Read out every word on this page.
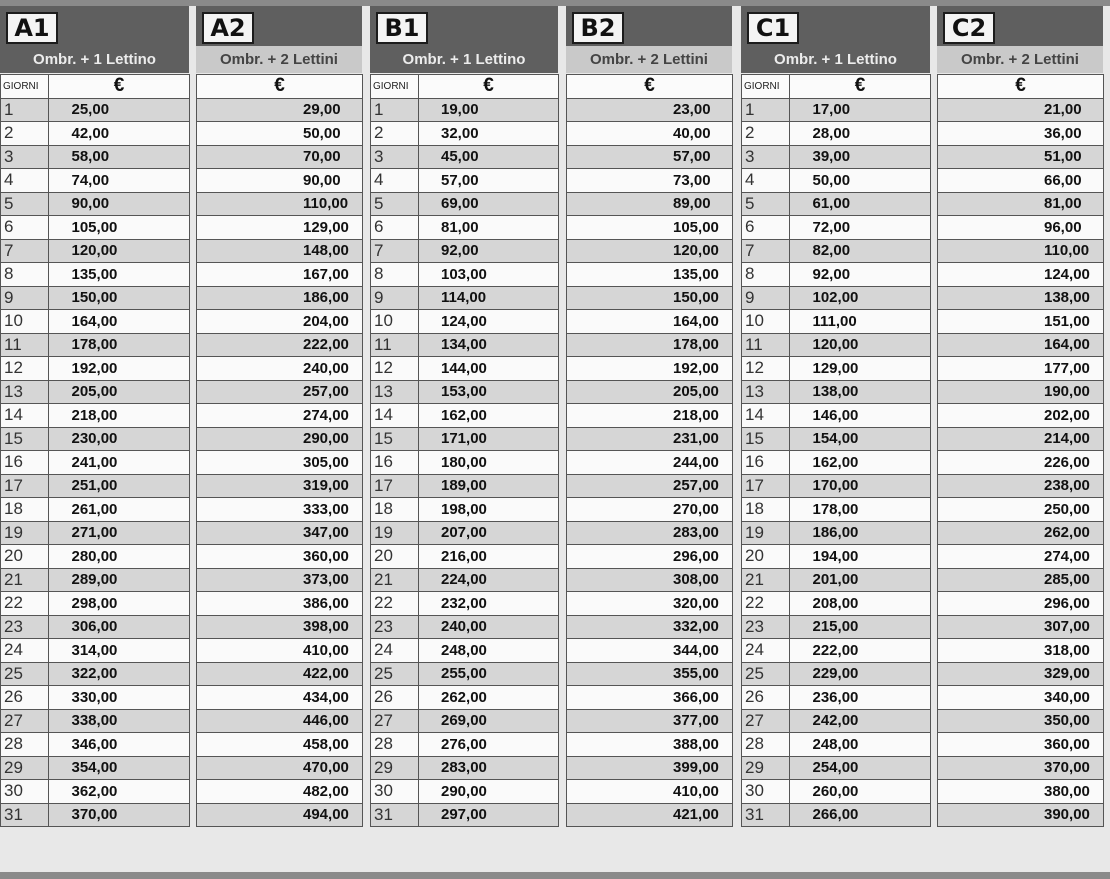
A1
Ombr. + 1 Lettino
GIORNI	€
1	25,00
2	42,00
3	58,00
4	74,00
5	90,00
6	105,00
7	120,00
8	135,00
9	150,00
10	164,00
11	178,00
12	192,00
13	205,00
14	218,00
15	230,00
16	241,00
17	251,00
18	261,00
19	271,00
20	280,00
21	289,00
22	298,00
23	306,00
24	314,00
25	322,00
26	330,00
27	338,00
28	346,00
29	354,00
30	362,00
31	370,00
A2
Ombr. + 2 Lettini
€
29,00
50,00
70,00
90,00
110,00
129,00
148,00
167,00
186,00
204,00
222,00
240,00
257,00
274,00
290,00
305,00
319,00
333,00
347,00
360,00
373,00
386,00
398,00
410,00
422,00
434,00
446,00
458,00
470,00
482,00
494,00
B1
Ombr. + 1 Lettino
GIORNI	€
1	19,00
2	32,00
3	45,00
4	57,00
5	69,00
6	81,00
7	92,00
8	103,00
9	114,00
10	124,00
11	134,00
12	144,00
13	153,00
14	162,00
15	171,00
16	180,00
17	189,00
18	198,00
19	207,00
20	216,00
21	224,00
22	232,00
23	240,00
24	248,00
25	255,00
26	262,00
27	269,00
28	276,00
29	283,00
30	290,00
31	297,00
B2
Ombr. + 2 Lettini
€
23,00
40,00
57,00
73,00
89,00
105,00
120,00
135,00
150,00
164,00
178,00
192,00
205,00
218,00
231,00
244,00
257,00
270,00
283,00
296,00
308,00
320,00
332,00
344,00
355,00
366,00
377,00
388,00
399,00
410,00
421,00
C1
Ombr. + 1 Lettino
GIORNI	€
1	17,00
2	28,00
3	39,00
4	50,00
5	61,00
6	72,00
7	82,00
8	92,00
9	102,00
10	111,00
11	120,00
12	129,00
13	138,00
14	146,00
15	154,00
16	162,00
17	170,00
18	178,00
19	186,00
20	194,00
21	201,00
22	208,00
23	215,00
24	222,00
25	229,00
26	236,00
27	242,00
28	248,00
29	254,00
30	260,00
31	266,00
C2
Ombr. + 2 Lettini
€
21,00
36,00
51,00
66,00
81,00
96,00
110,00
124,00
138,00
151,00
164,00
177,00
190,00
202,00
214,00
226,00
238,00
250,00
262,00
274,00
285,00
296,00
307,00
318,00
329,00
340,00
350,00
360,00
370,00
380,00
390,00
